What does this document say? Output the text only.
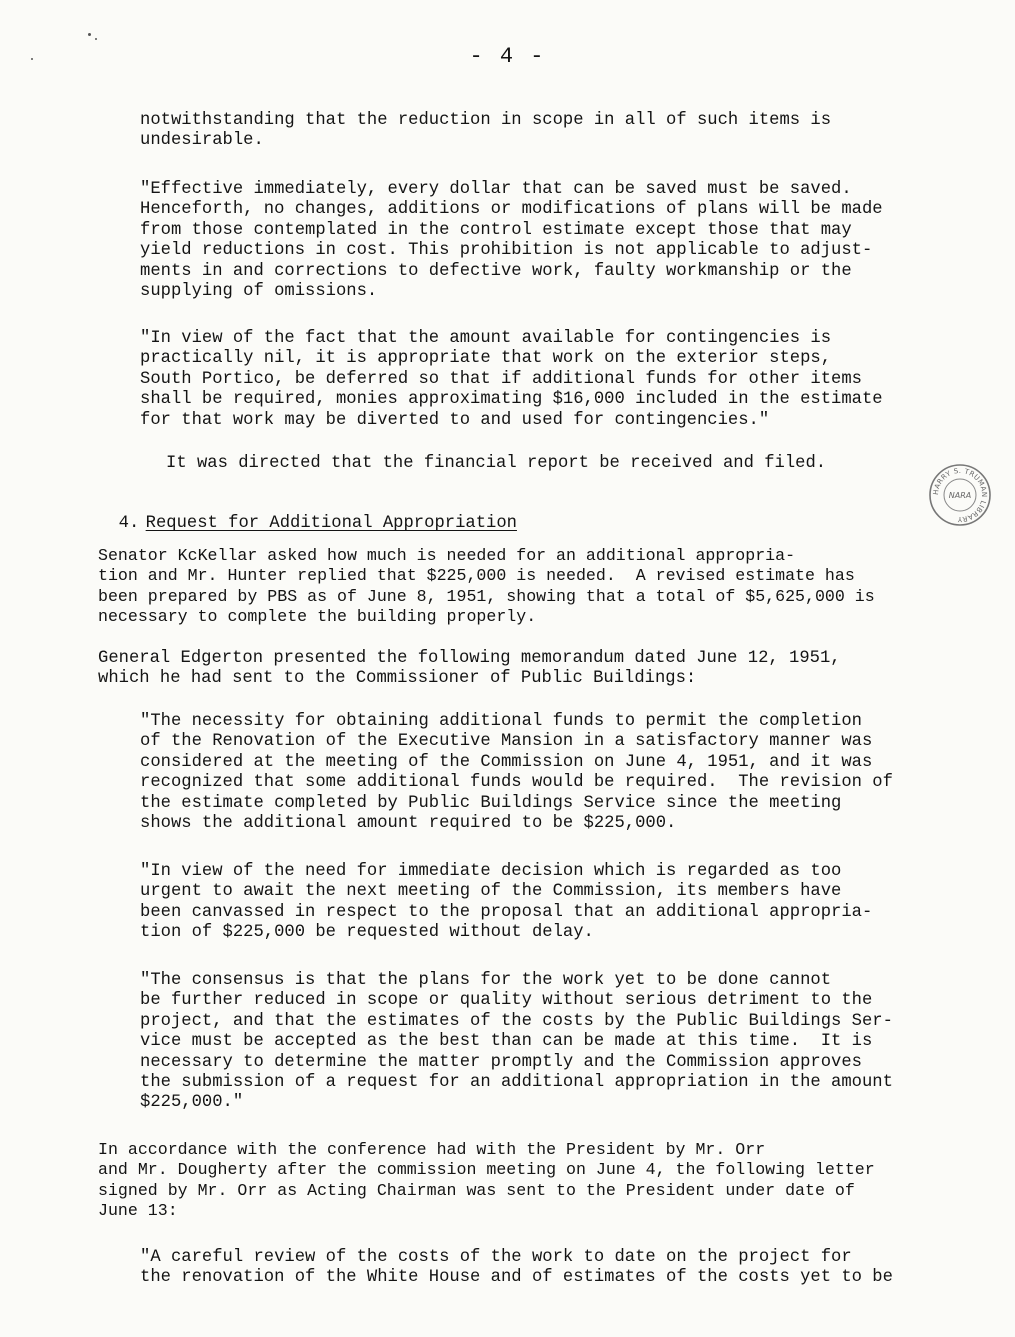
- 4 -

notwithstanding that the reduction in scope in all of such items is
undesirable.

"Effective immediately, every dollar that can be saved must be saved.
Henceforth, no changes, additions or modifications of plans will be made
from those contemplated in the control estimate except those that may
yield reductions in cost. This prohibition is not applicable to adjust-
ments in and corrections to defective work, faulty workmanship or the
supplying of omissions.

"In view of the fact that the amount available for contingencies is
practically nil, it is appropriate that work on the exterior steps,
South Portico, be deferred so that if additional funds for other items
shall be required, monies approximating $16,000 included in the estimate
for that work may be diverted to and used for contingencies."

It was directed that the financial report be received and filed.

4. Request for Additional Appropriation

Senator KcKellar asked how much is needed for an additional appropria-
tion and Mr. Hunter replied that $225,000 is needed.  A revised estimate has
been prepared by PBS as of June 8, 1951, showing that a total of $5,625,000 is
necessary to complete the building properly.

General Edgerton presented the following memorandum dated June 12, 1951,
which he had sent to the Commissioner of Public Buildings:

"The necessity for obtaining additional funds to permit the completion
of the Renovation of the Executive Mansion in a satisfactory manner was
considered at the meeting of the Commission on June 4, 1951, and it was
recognized that some additional funds would be required.  The revision of
the estimate completed by Public Buildings Service since the meeting
shows the additional amount required to be $225,000.

"In view of the need for immediate decision which is regarded as too
urgent to await the next meeting of the Commission, its members have
been canvassed in respect to the proposal that an additional appropria-
tion of $225,000 be requested without delay.

"The consensus is that the plans for the work yet to be done cannot
be further reduced in scope or quality without serious detriment to the
project, and that the estimates of the costs by the Public Buildings Ser-
vice must be accepted as the best than can be made at this time.  It is
necessary to determine the matter promptly and the Commission approves
the submission of a request for an additional appropriation in the amount
$225,000."

In accordance with the conference had with the President by Mr. Orr
and Mr. Dougherty after the commission meeting on June 4, the following letter
signed by Mr. Orr as Acting Chairman was sent to the President under date of
June 13:

"A careful review of the costs of the work to date on the project for
the renovation of the White House and of estimates of the costs yet to be

HARRY S. TRUMAN LIBRARY
NARA
